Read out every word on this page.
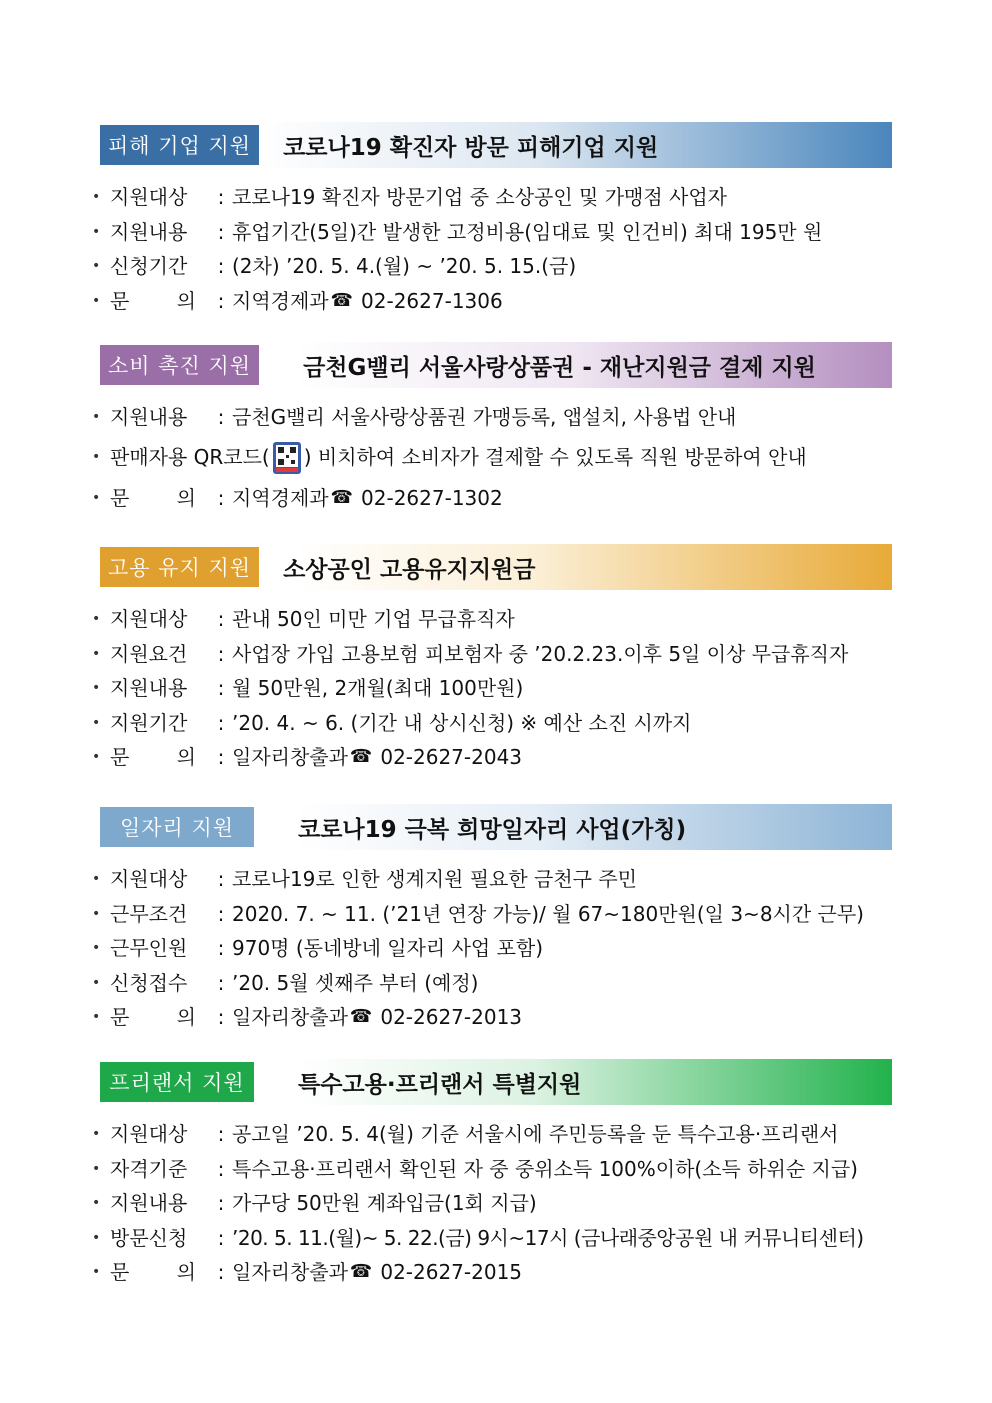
피해 기업 지원	코로나19 확진자 방문 피해기업 지원
• 지원대상	: 코로나19 확진자 방문기업 중 소상공인 및 가맹점 사업자
• 지원내용	: 휴업기간(5일)간 발생한 고정비용(임대료 및 인건비) 최대 195만 원
• 신청기간	: (2차) ’20. 5. 4.(월) ~ ’20. 5. 15.(금)
• 문 의	: 지역경제과 ☎ 02-2627-1306
소비 촉진 지원	금천G밸리 서울사랑상품권 - 재난지원금 결제 지원
• 지원내용	: 금천G밸리 서울사랑상품권 가맹등록, 앱설치, 사용법 안내
• 판매자용 QR코드( ) 비치하여 소비자가 결제할 수 있도록 직원 방문하여 안내
• 문 의	: 지역경제과 ☎ 02-2627-1302
고용 유지 지원	소상공인 고용유지지원금
• 지원대상	: 관내 50인 미만 기업 무급휴직자
• 지원요건	: 사업장 가입 고용보험 피보험자 중 ’20.2.23.이후 5일 이상 무급휴직자
• 지원내용	: 월 50만원, 2개월(최대 100만원)
• 지원기간	: ’20. 4. ~ 6. (기간 내 상시신청) ※ 예산 소진 시까지
• 문 의	: 일자리창출과 ☎ 02-2627-2043
일자리 지원	코로나19 극복 희망일자리 사업(가칭)
• 지원대상	: 코로나19로 인한 생계지원 필요한 금천구 주민
• 근무조건	: 2020. 7. ~ 11. (’21년 연장 가능)/ 월 67~180만원(일 3~8시간 근무)
• 근무인원	: 970명 (동네방네 일자리 사업 포함)
• 신청접수	: ’20. 5월 셋째주 부터 (예정)
• 문 의	: 일자리창출과 ☎ 02-2627-2013
프리랜서 지원	특수고용·프리랜서 특별지원
• 지원대상	: 공고일 ’20. 5. 4(월) 기준 서울시에 주민등록을 둔 특수고용·프리랜서
• 자격기준	: 특수고용·프리랜서 확인된 자 중 중위소득 100%이하(소득 하위순 지급)
• 지원내용	: 가구당 50만원 계좌입금(1회 지급)
• 방문신청	: ’20. 5. 11.(월)~ 5. 22.(금) 9시~17시 (금나래중앙공원 내 커뮤니티센터)
• 문 의	: 일자리창출과 ☎ 02-2627-2015
